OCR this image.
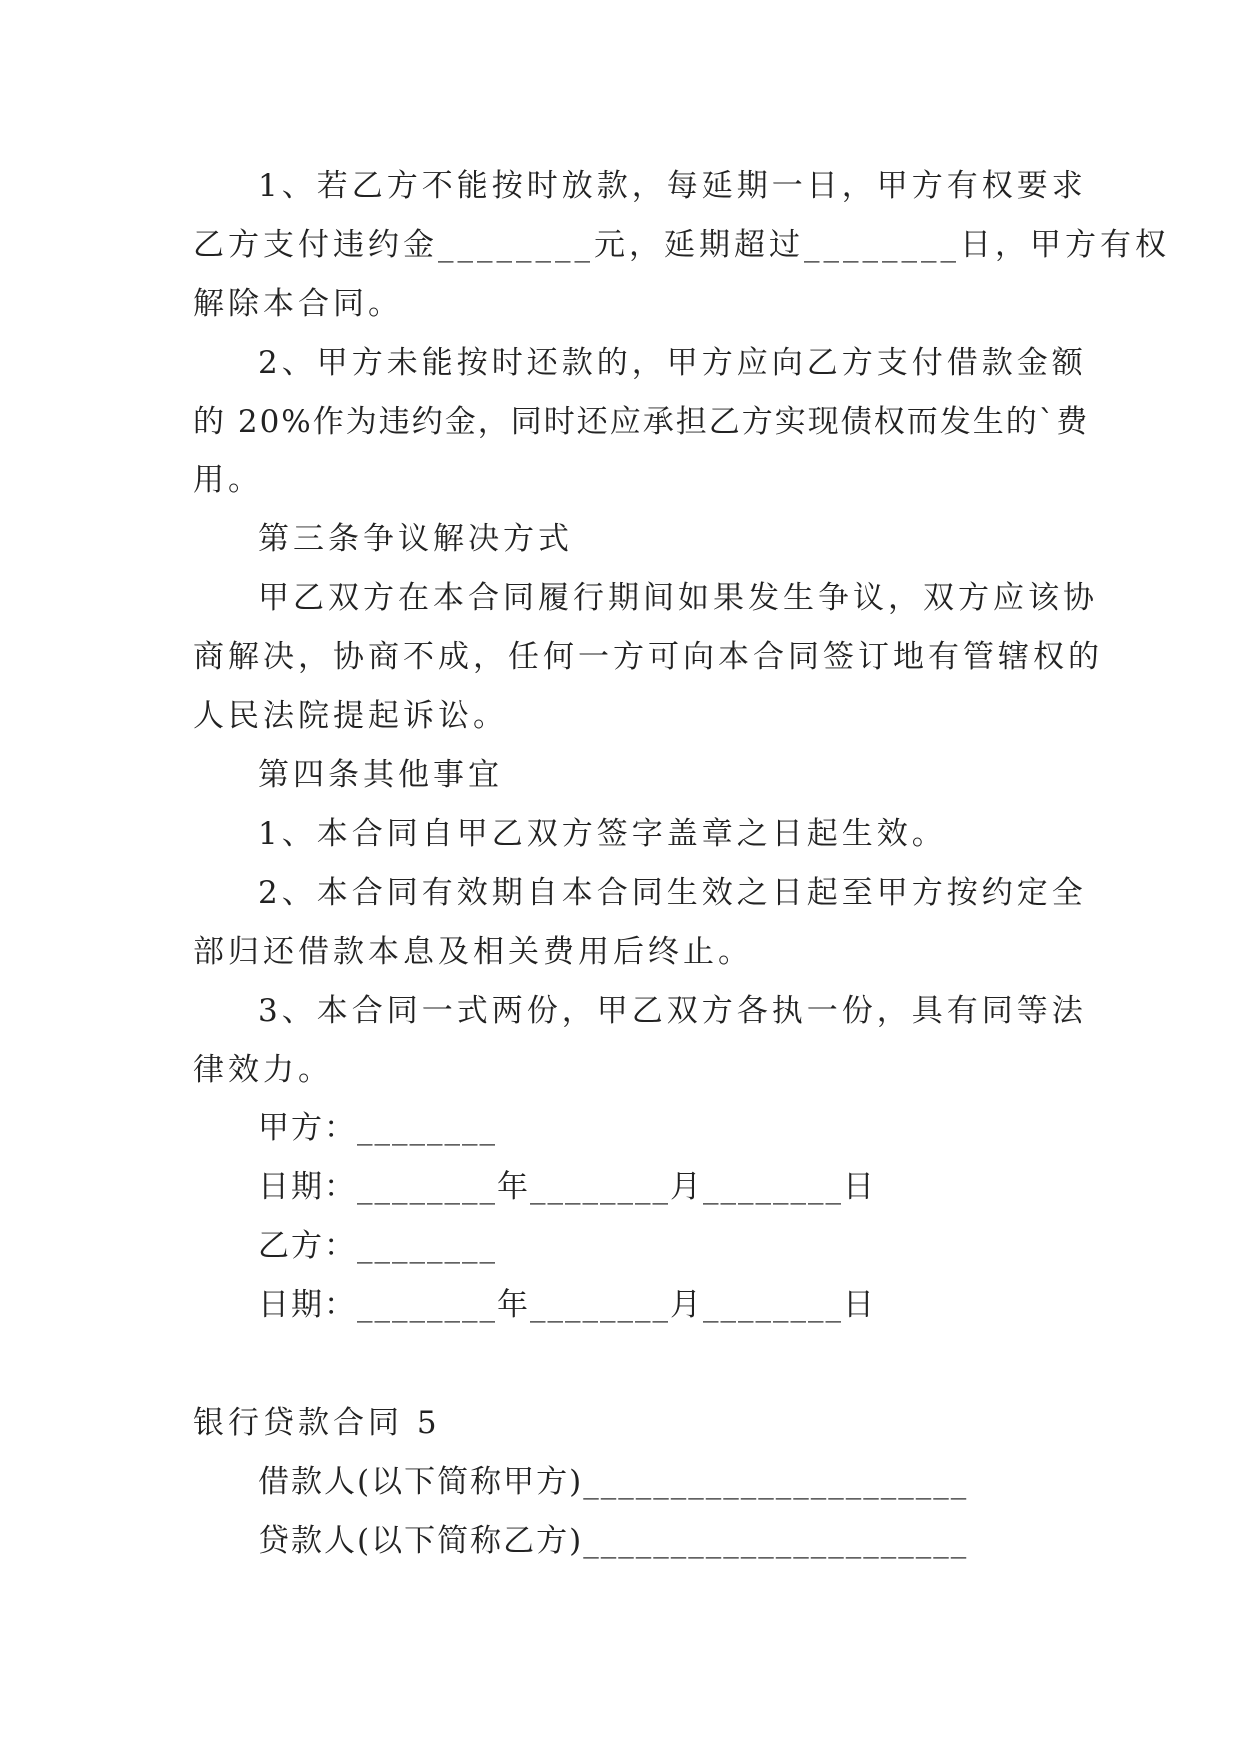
1、若乙方不能按时放款，每延期一日，甲方有权要求
乙方支付违约金________元，延期超过________日，甲方有权
解除本合同。
2、甲方未能按时还款的，甲方应向乙方支付借款金额
的 20%作为违约金，同时还应承担乙方实现债权而发生的`费
用。
第三条争议解决方式
甲乙双方在本合同履行期间如果发生争议，双方应该协
商解决，协商不成，任何一方可向本合同签订地有管辖权的
人民法院提起诉讼。
第四条其他事宜
1、本合同自甲乙双方签字盖章之日起生效。
2、本合同有效期自本合同生效之日起至甲方按约定全
部归还借款本息及相关费用后终止。
3、本合同一式两份，甲乙双方各执一份，具有同等法
律效力。
甲方：________
日期：________年________月________日
乙方：________
日期：________年________月________日
银行贷款合同 5
借款人(以下简称甲方)______________________
贷款人(以下简称乙方)______________________
